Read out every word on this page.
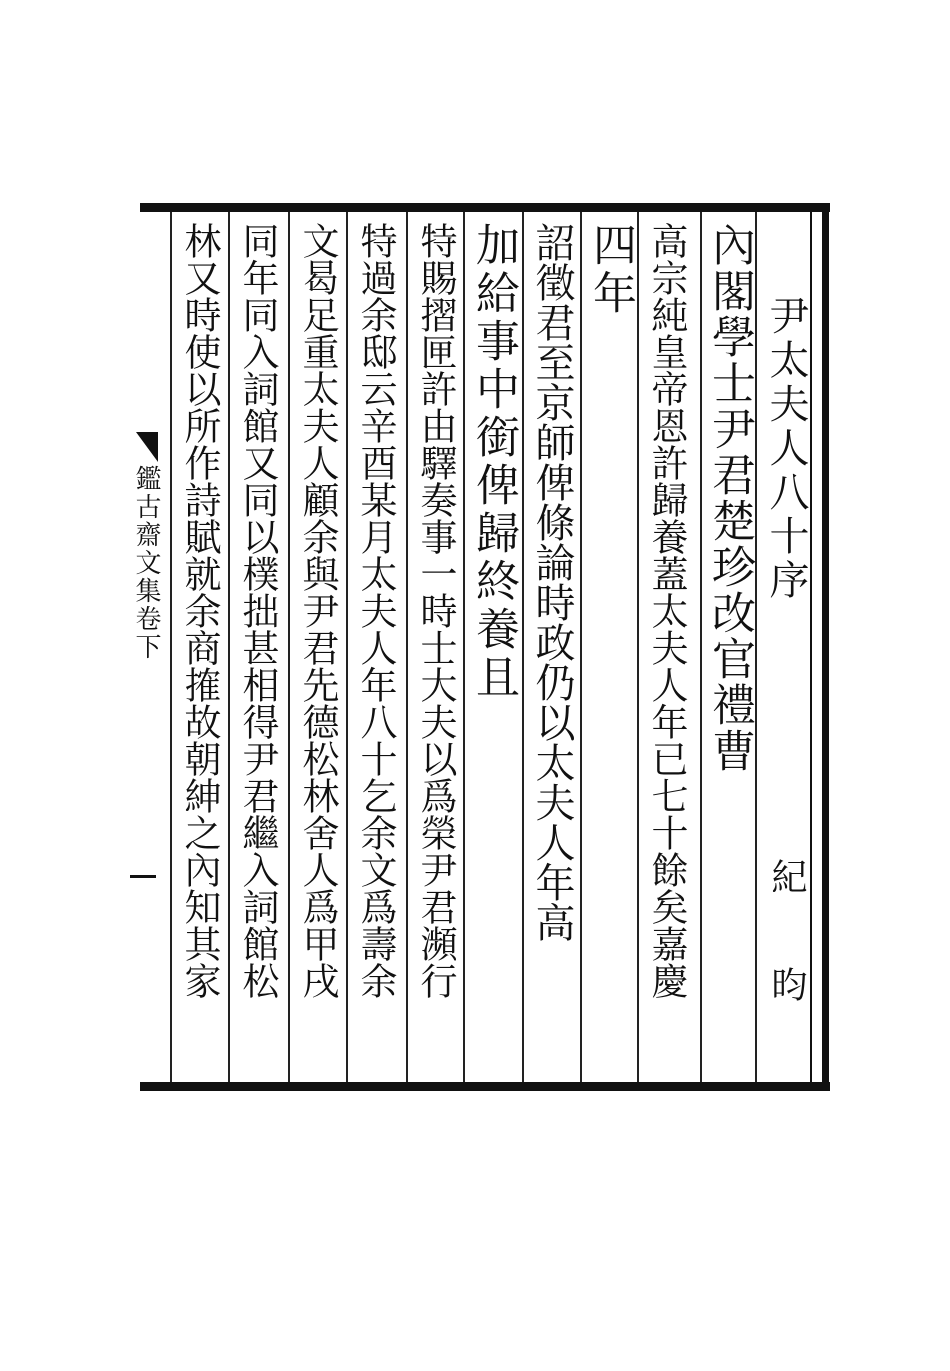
尹太夫人八十序
紀　昀
內閣學士尹君楚珍改官禮曹
高宗純皇帝恩許歸養蓋太夫人年已七十餘矣嘉慶
四年
詔徵君至京師俾條論時政仍以太夫人年高
加給事中銜俾歸終養且
特賜摺匣許由驛奏事一時士大夫以爲榮尹君瀕行
特過余邸云辛酉某月太夫人年八十乞余文爲壽余
文曷足重太夫人顧余與尹君先德松林舍人爲甲戌
同年同入詞館又同以樸拙甚相得尹君繼入詞館松
林又時使以所作詩賦就余商搉故朝紳之內知其家
鑑古齋文集卷下
